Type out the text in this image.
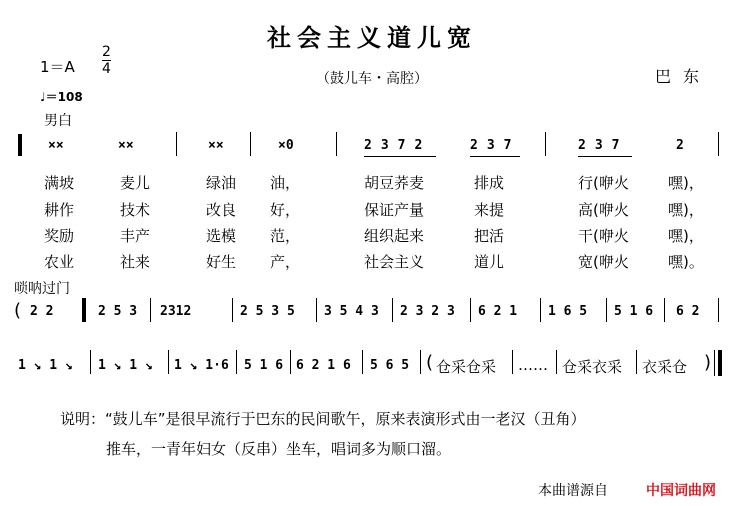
社会主义道儿宽
（鼓儿车・高腔）	巴东
1＝A
2
4
♩＝108
男白
××	××	××	×0	2372	237	237	2
满坡	麦儿	绿油 油，	胡豆荞麦	排成	行(咿火	嘿)，
耕作	技术	改良 好，	保证产量	来提	高(咿火	嘿)，
奖励	丰产	选模 范，	组织起来	把活	干(咿火	嘿)，
农业	社来	好生 产，	社会主义	道儿	宽(咿火	嘿)。
唢呐过门
( 2 2	2 5 3 2312	2 5 3 5 3 5 4 3 2 3 2 3 6 2 1 1 6 5 5 1 6 6 2
1 ↘ 1 ↘ 1 ↘ 1 ↘ 1 ↘ 1·6 5 1 6 6 2 1 6 5 6 5 ( 仓采仓采 …… 仓采衣采 衣采仓 )
说明：“鼓儿车”是很早流行于巴东的民间歌午，原来表演形式由一老汉（丑角）
推车，一青年妇女（反串）坐车，唱词多为顺口溜。
本曲谱源自	中国词曲网
